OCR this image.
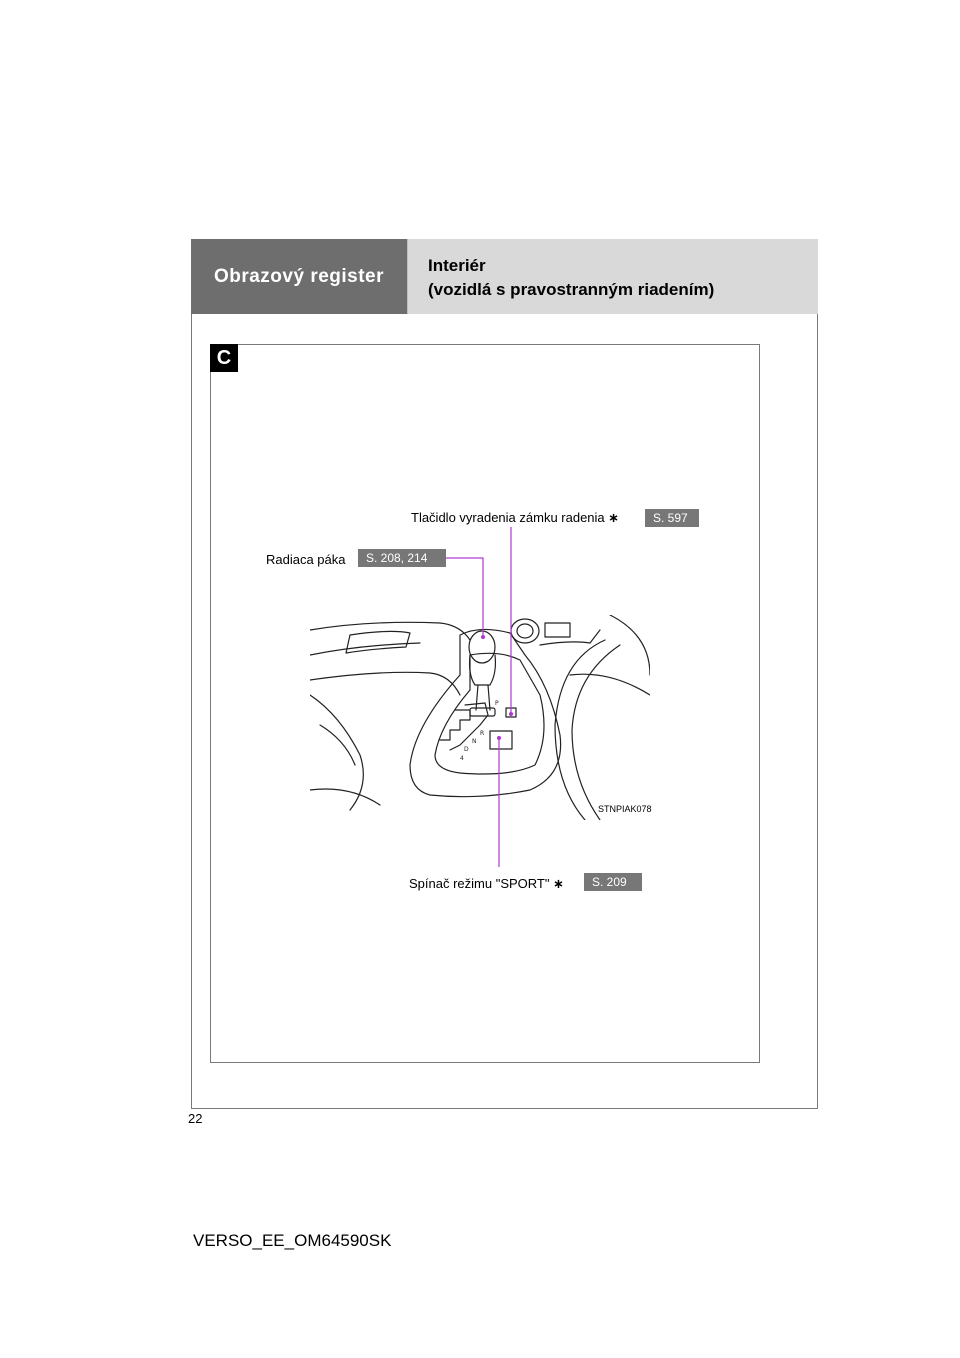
Obrazový register	Interiér
(vozidlá s pravostranným riadením)
C
Tlačidlo vyradenia zámku radenia ∗	S. 597
Radiaca páka	S. 208, 214
Spínač režimu "SPORT" ∗	S. 209
P
R
N
D
4
STNPIAK078
22
VERSO_EE_OM64590SK
